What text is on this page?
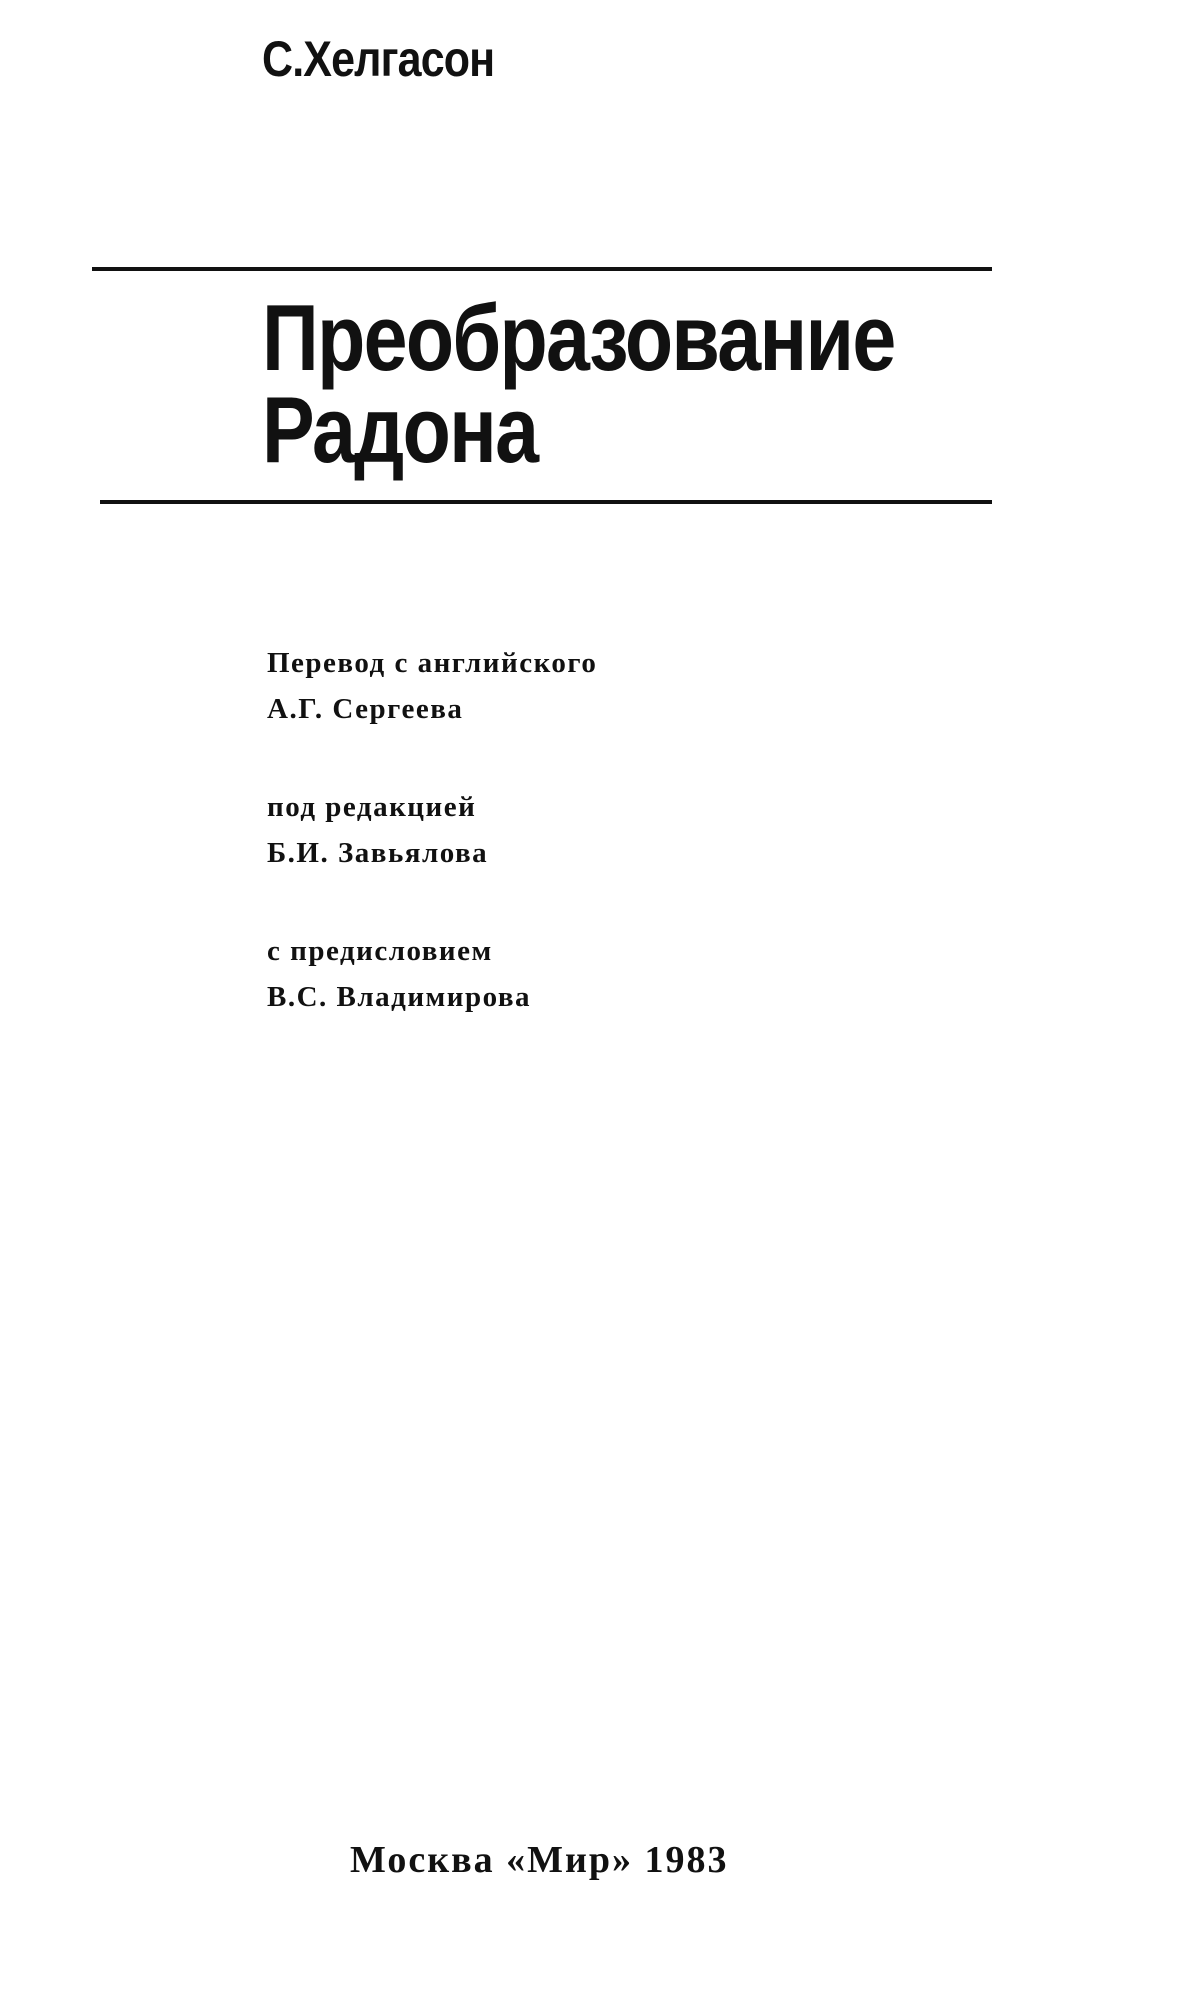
С.Хелгасон
Преобразование
Радона
Перевод с английского
А.Г. Сергеева
под редакцией
Б.И. Завьялова
с предисловием
В.С. Владимирова
Москва «Мир» 1983
